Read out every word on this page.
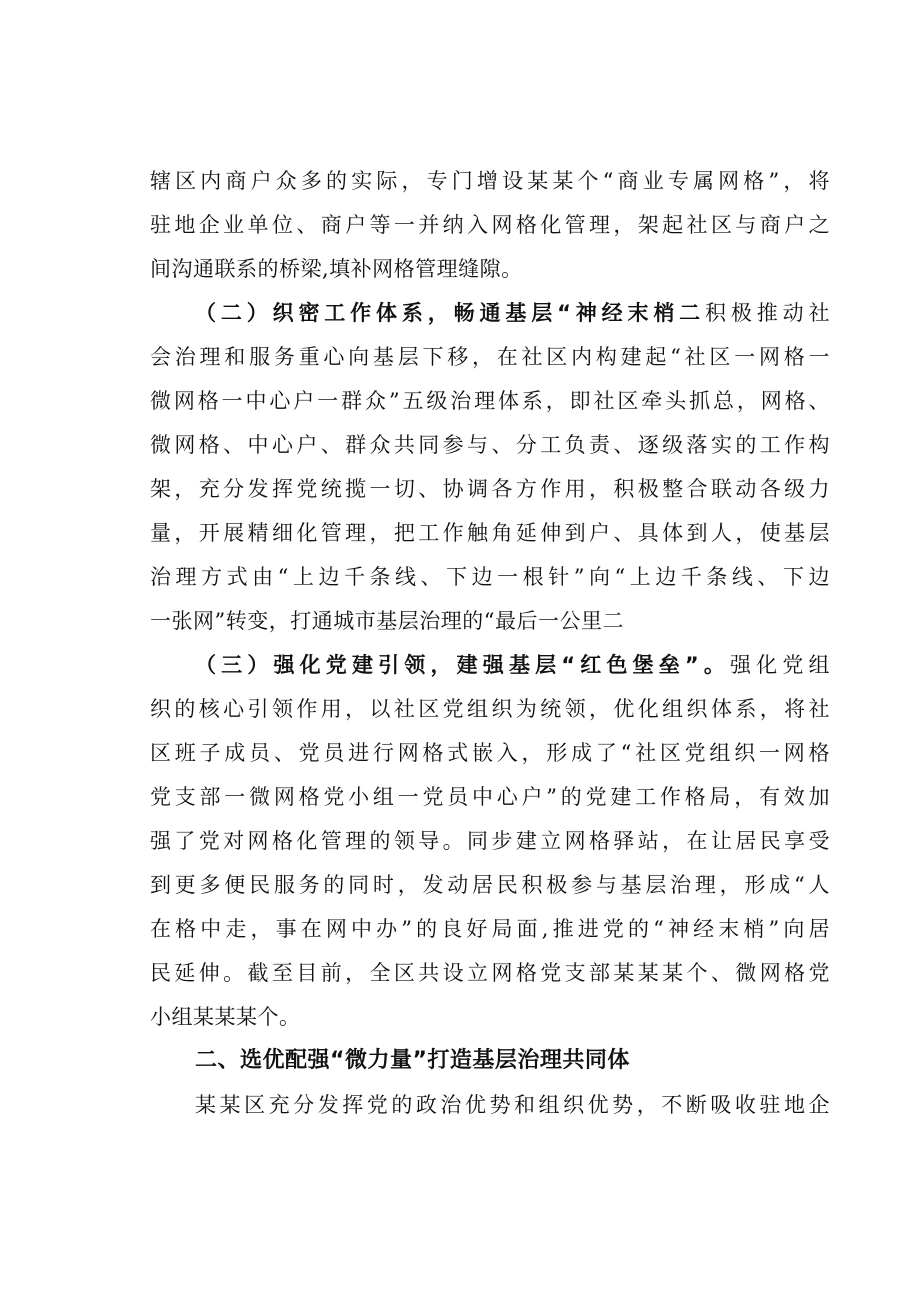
辖区内商户众多的实际，专门增设某某个“商业专属网格”，将
驻地企业单位、商户等一并纳入网格化管理，架起社区与商户之
间沟通联系的桥梁,填补网格管理缝隙。
（二）织密工作体系，畅通基层“神经末梢二积极推动社
会治理和服务重心向基层下移，在社区内构建起“社区一网格一
微网格一中心户一群众”五级治理体系，即社区牵头抓总，网格、
微网格、中心户、群众共同参与、分工负责、逐级落实的工作构
架，充分发挥党统揽一切、协调各方作用，积极整合联动各级力
量，开展精细化管理，把工作触角延伸到户、具体到人，使基层
治理方式由“上边千条线、下边一根针”向“上边千条线、下边
一张网”转变，打通城市基层治理的“最后一公里二
（三）强化党建引领，建强基层“红色堡垒”。强化党组
织的核心引领作用，以社区党组织为统领，优化组织体系，将社
区班子成员、党员进行网格式嵌入，形成了“社区党组织一网格
党支部一微网格党小组一党员中心户”的党建工作格局，有效加
强了党对网格化管理的领导。同步建立网格驿站，在让居民享受
到更多便民服务的同时，发动居民积极参与基层治理，形成“人
在格中走，事在网中办”的良好局面,推进党的“神经末梢”向居
民延伸。截至目前，全区共设立网格党支部某某某个、微网格党
小组某某某个。
二、选优配强“微力量”打造基层治理共同体
某某区充分发挥党的政治优势和组织优势，不断吸收驻地企
